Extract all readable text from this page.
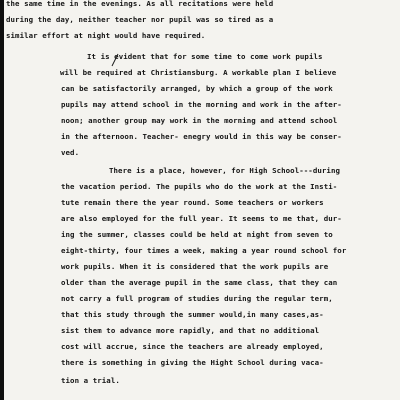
the same time in the evenings. As all recitations were held
during the day, neither teacher nor pupil was so tired as a
similar effort at night would have required.
It is evident that for some time to come work pupils
will be required at Christiansburg. A workable plan I believe
can be satisfactorily arranged, by which a group of the work
pupils may attend school in the morning and work in the after-
noon; another group may work in the morning and attend school
in the afternoon. Teacher- enegry would in this way be conser-
ved.
There is a place, however, for High School---during
the vacation period. The pupils who do the work at the Insti-
tute remain there the year round. Some teachers or workers
are also employed for the full year. It seems to me that, dur-
ing the summer, classes could be held at night from seven to
eight-thirty, four times a week, making a year round school for
work pupils. When it is considered that the work pupils are
older than the average pupil in the same class, that they can
not carry a full program of studies during the regular term,
that this study through the summer would,in many cases,as-
sist them to advance more rapidly, and that no additional
cost will accrue, since the teachers are already employed,
there is something in giving the Hight School during vaca-
tion a trial.
